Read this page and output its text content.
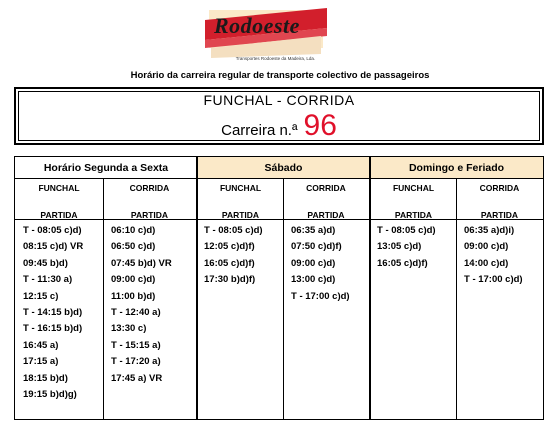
Rodoeste
Transportes Rodoeste da Madeira, Lda.
Horário da carreira regular de transporte colectivo de passageiros
FUNCHAL - CORRIDA
Carreira n.ª 96
Horário Segunda a Sexta	Sábado	Domingo e Feriado
FUNCHAL
PARTIDA
CORRIDA
PARTIDA
FUNCHAL
PARTIDA
CORRIDA
PARTIDA
FUNCHAL
PARTIDA
CORRIDA
PARTIDA
T - 08:05 c)d)
08:15 c)d) VR
09:45 b)d)
T - 11:30 a)
12:15 c)
T - 14:15 b)d)
T - 16:15 b)d)
16:45 a)
17:15 a)
18:15 b)d)
19:15 b)d)g)
06:10 c)d)
06:50 c)d)
07:45 b)d) VR
09:00 c)d)
11:00 b)d)
T - 12:40 a)
13:30 c)
T - 15:15 a)
T - 17:20 a)
17:45 a) VR
T - 08:05 c)d)
12:05 c)d)f)
16:05 c)d)f)
17:30 b)d)f)
06:35 a)d)
07:50 c)d)f)
09:00 c)d)
13:00 c)d)
T - 17:00 c)d)
T - 08:05 c)d)
13:05 c)d)
16:05 c)d)f)
06:35 a)d)i)
09:00 c)d)
14:00 c)d)
T - 17:00 c)d)
